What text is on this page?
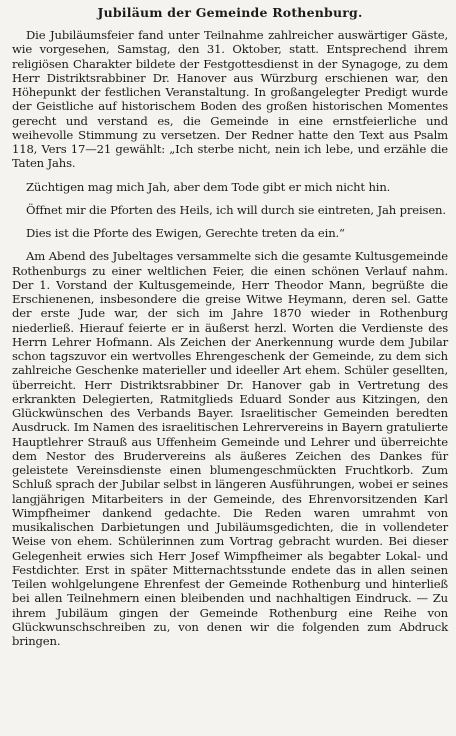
Jubiläum der Gemeinde Rothenburg.

Die Jubiläumsfeier fand unter Teilnahme zahlreicher auswärtiger Gäste, wie vorgesehen, Samstag, den 31. Oktober, statt. Entsprechend ihrem religiösen Charakter bildete der Festgottesdienst in der Synagoge, zu dem Herr Distriktsrabbiner Dr. Hanover aus Würzburg erschienen war, den Höhepunkt der festlichen Veranstaltung. In großangelegter Predigt wurde der Geistliche auf historischem Boden des großen historischen Momentes gerecht und verstand es, die Gemeinde in eine ernstfeierliche und weihevolle Stimmung zu versetzen. Der Redner hatte den Text aus Psalm 118, Vers 17—21 gewählt: „Ich sterbe nicht, nein ich lebe, und erzähle die Taten Jahs.

Züchtigen mag mich Jah, aber dem Tode gibt er mich nicht hin.

Öffnet mir die Pforten des Heils, ich will durch sie eintreten, Jah preisen.

Dies ist die Pforte des Ewigen, Gerechte treten da ein.“

Am Abend des Jubeltages versammelte sich die gesamte Kultusgemeinde Rothenburgs zu einer weltlichen Feier, die einen schönen Verlauf nahm. Der 1. Vorstand der Kultusgemeinde, Herr Theodor Mann, begrüßte die Erschienenen, insbesondere die greise Witwe Heymann, deren sel. Gatte der erste Jude war, der sich im Jahre 1870 wieder in Rothenburg niederließ. Hierauf feierte er in äußerst herzl. Worten die Verdienste des Herrn Lehrer Hofmann. Als Zeichen der Anerkennung wurde dem Jubilar schon tagszuvor ein wertvolles Ehrengeschenk der Gemeinde, zu dem sich zahlreiche Geschenke materieller und ideeller Art ehem. Schüler gesellten, überreicht. Herr Distriktsrabbiner Dr. Hanover gab in Vertretung des erkrankten Delegierten, Ratmitglieds Eduard Sonder aus Kitzingen, den Glückwünschen des Verbands Bayer. Israelitischer Gemeinden beredten Ausdruck. Im Namen des israelitischen Lehrervereins in Bayern gratulierte Hauptlehrer Strauß aus Uffenheim Gemeinde und Lehrer und überreichte dem Nestor des Brudervereins als äußeres Zeichen des Dankes für geleistete Vereinsdienste einen blumengeschmückten Fruchtkorb. Zum Schluß sprach der Jubilar selbst in längeren Ausführungen, wobei er seines langjährigen Mitarbeiters in der Gemeinde, des Ehrenvorsitzenden Karl Wimpfheimer dankend gedachte. Die Reden waren umrahmt von musikalischen Darbietungen und Jubiläumsgedichten, die in vollendeter Weise von ehem. Schülerinnen zum Vortrag gebracht wurden. Bei dieser Gelegenheit erwies sich Herr Josef Wimpfheimer als begabter Lokal- und Festdichter. Erst in später Mitternachtsstunde endete das in allen seinen Teilen wohlgelungene Ehrenfest der Gemeinde Rothenburg und hinterließ bei allen Teilnehmern einen bleibenden und nachhaltigen Eindruck. — Zu ihrem Jubiläum gingen der Gemeinde Rothenburg eine Reihe von Glückwunschschreiben zu, von denen wir die folgenden zum Abdruck bringen.
